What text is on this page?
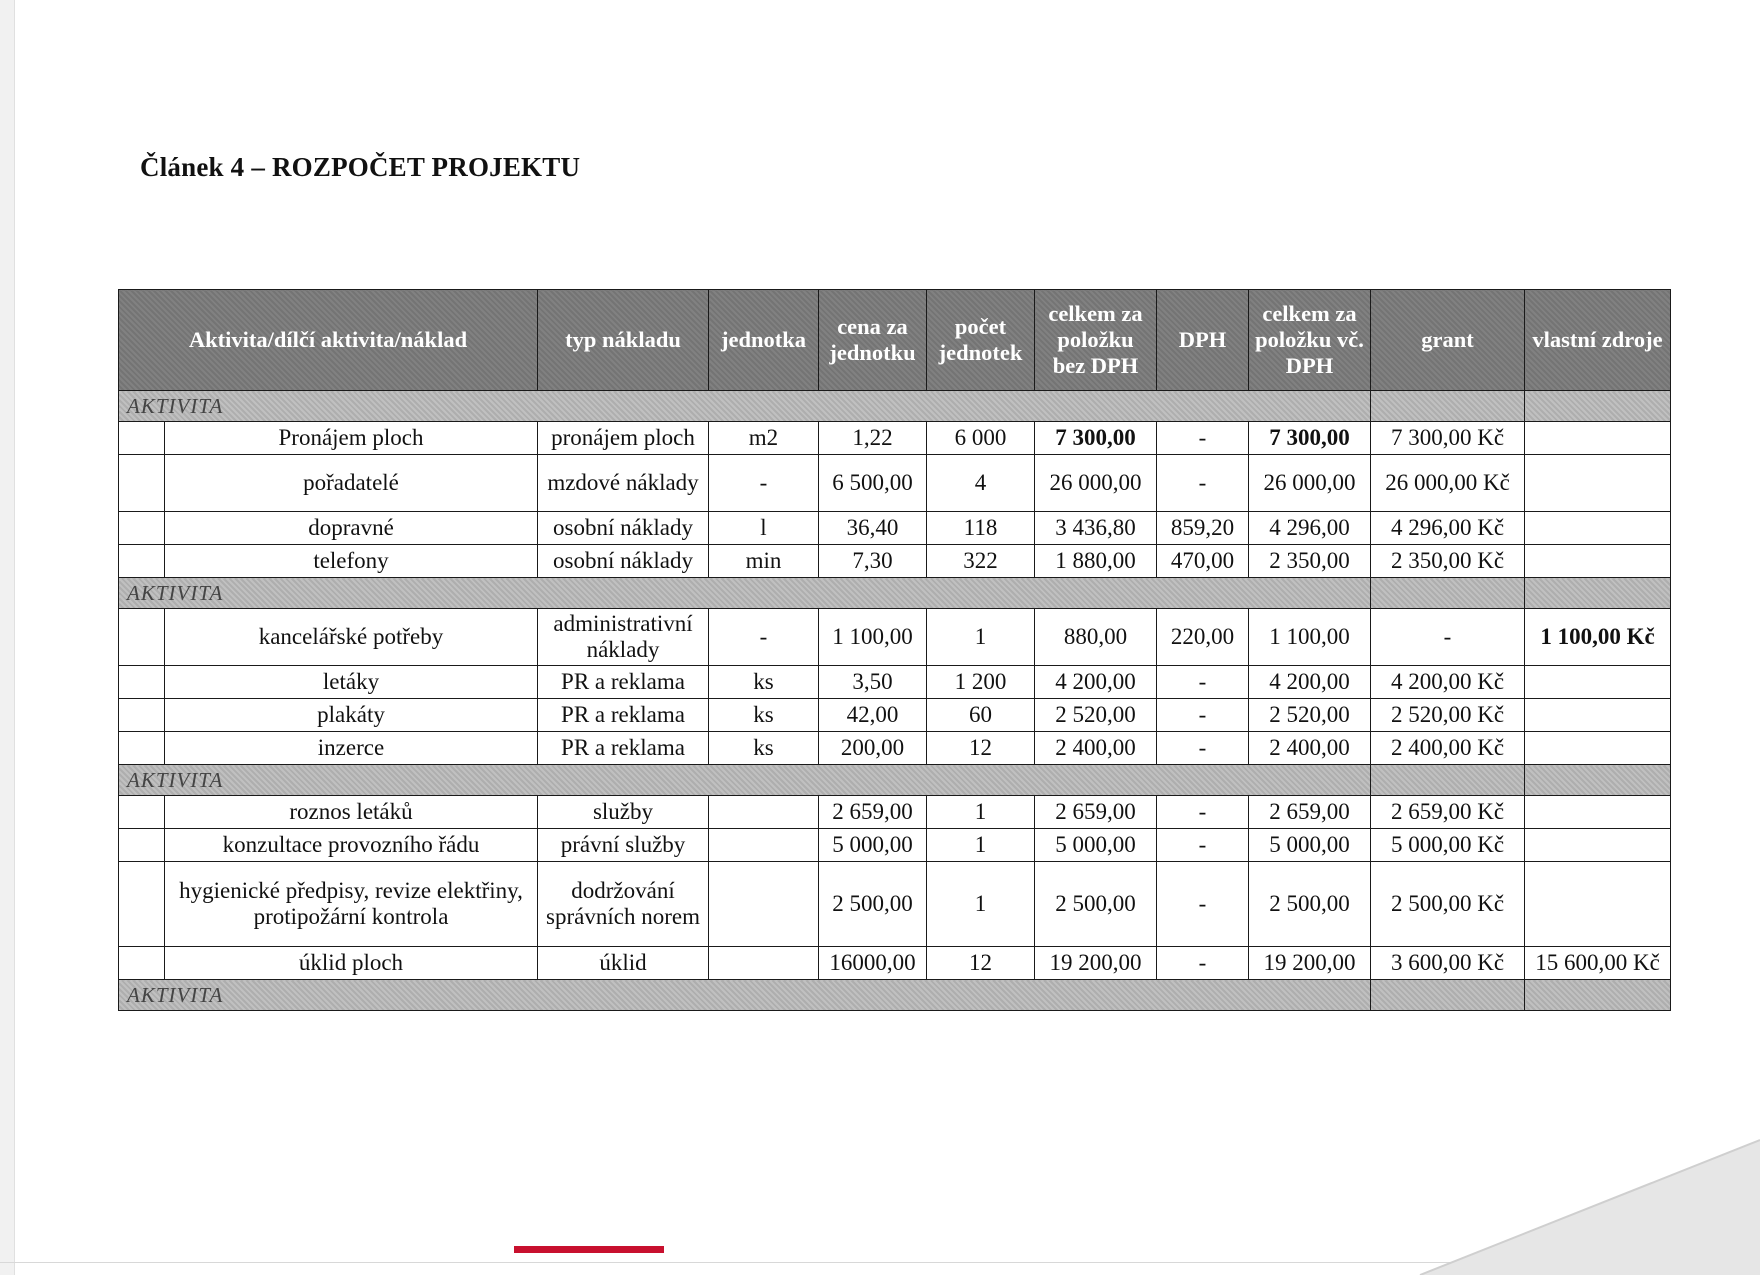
Článek 4 – ROZPOČET PROJEKTU
Aktivita/dílčí aktivita/náklad		typ nákladu	jednotka	cena za jednotku	počet jednotek	celkem za položku bez DPH	DPH	celkem za položku vč. DPH	grant	vlastní zdroje
AKTIVITA										
	Pronájem ploch	pronájem ploch	m2	1,22	6 000	7 300,00	-	7 300,00	7 300,00 Kč	
	pořadatelé	mzdové náklady	-	6 500,00	4	26 000,00	-	26 000,00	26 000,00 Kč	
	dopravné	osobní náklady	l	36,40	118	3 436,80	859,20	4 296,00	4 296,00 Kč	
	telefony	osobní náklady	min	7,30	322	1 880,00	470,00	2 350,00	2 350,00 Kč	
AKTIVITA										
	kancelářské potřeby	administrativní náklady	-	1 100,00	1	880,00	220,00	1 100,00	-	1 100,00 Kč
	letáky	PR a reklama	ks	3,50	1 200	4 200,00	-	4 200,00	4 200,00 Kč	
	plakáty	PR a reklama	ks	42,00	60	2 520,00	-	2 520,00	2 520,00 Kč	
	inzerce	PR a reklama	ks	200,00	12	2 400,00	-	2 400,00	2 400,00 Kč	
AKTIVITA										
	roznos letáků	služby		2 659,00	1	2 659,00	-	2 659,00	2 659,00 Kč	
	konzultace provozního řádu	právní služby		5 000,00	1	5 000,00	-	5 000,00	5 000,00 Kč	
	hygienické předpisy, revize elektřiny, protipožární kontrola	dodržování správních norem		2 500,00	1	2 500,00	-	2 500,00	2 500,00 Kč	
	úklid ploch	úklid		16000,00	12	19 200,00	-	19 200,00	3 600,00 Kč	15 600,00 Kč
AKTIVITA										
